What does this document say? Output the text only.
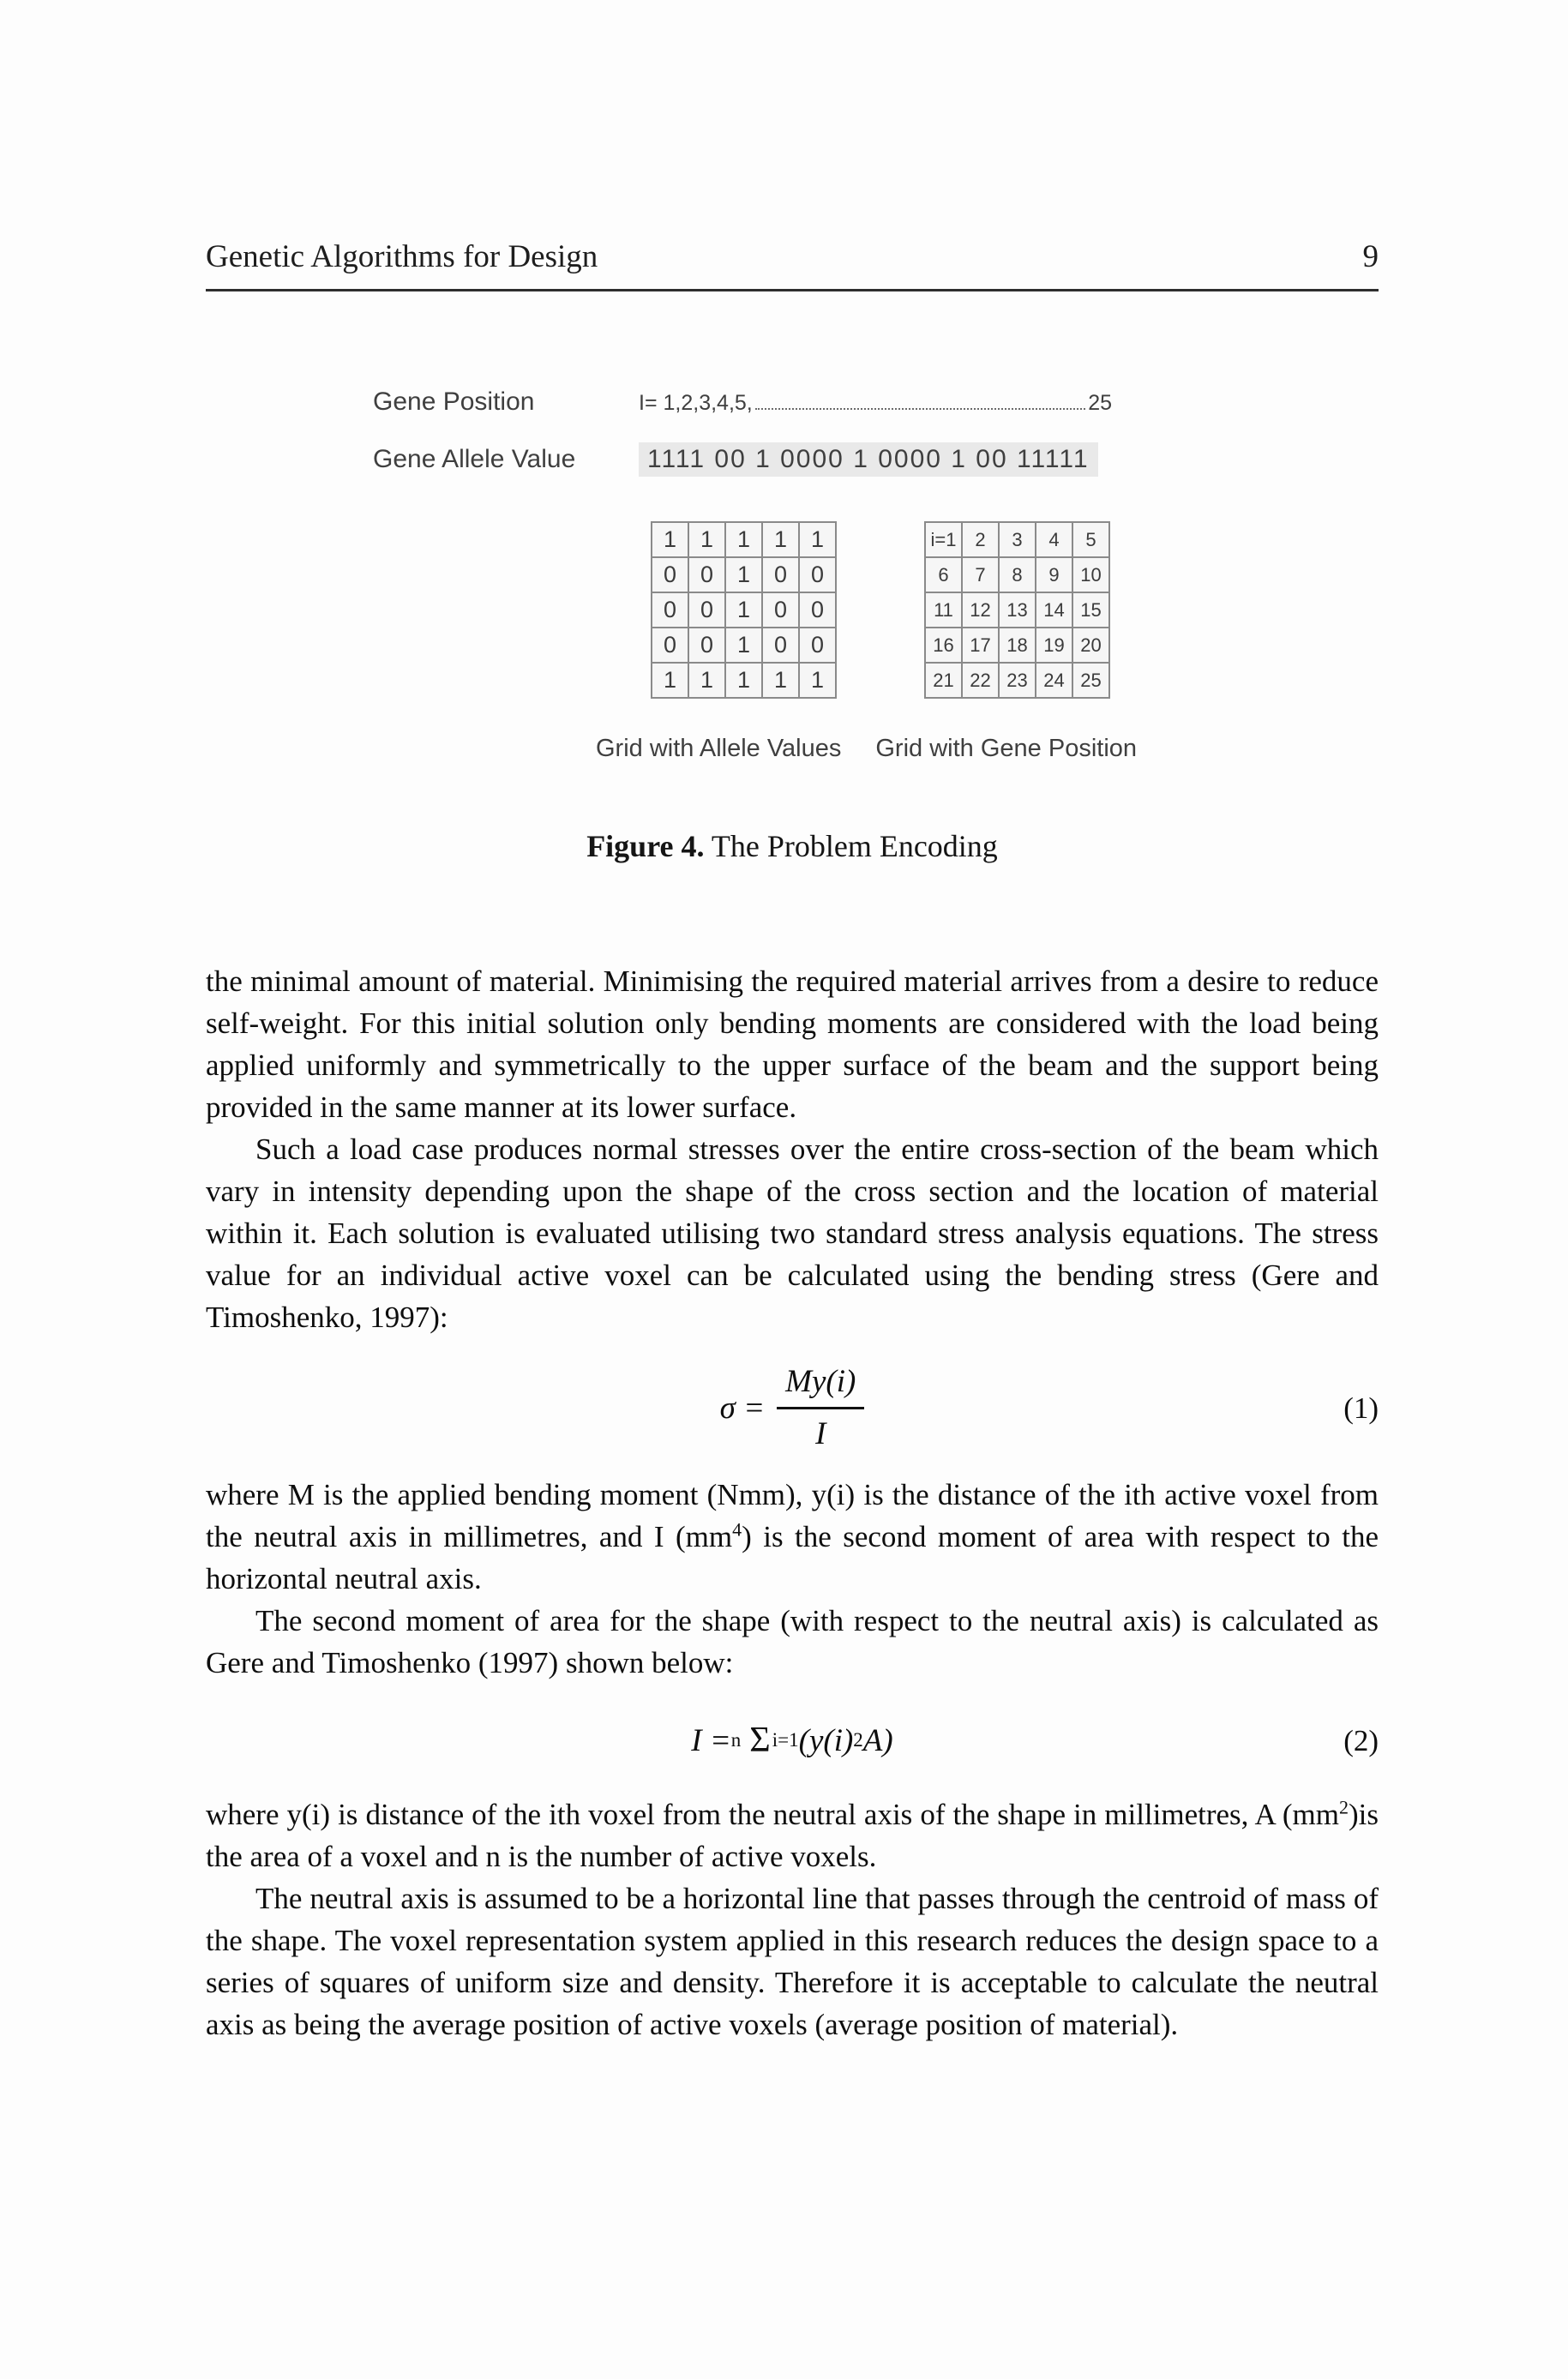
Genetic Algorithms for Design	9
Gene Position	I= 1,2,3,4,5,	25
Gene Allele Value	1111 00 1 0000 1 0000 1 00 11111
1	1	1	1	1
0	0	1	0	0
0	0	1	0	0
0	0	1	0	0
1	1	1	1	1
i=1	2	3	4	5
6	7	8	9	10
11	12	13	14	15
16	17	18	19	20
21	22	23	24	25
Grid with Allele Values Grid with Gene Position
Figure 4. The Problem Encoding

the minimal amount of material. Minimising the required material arrives from a desire to reduce self-weight. For this initial solution only bending moments are considered with the load being applied uniformly and symmetrically to the upper surface of the beam and the support being provided in the same manner at its lower surface.

Such a load case produces normal stresses over the entire cross-section of the beam which vary in intensity depending upon the shape of the cross section and the location of material within it. Each solution is evaluated utilising two standard stress analysis equations. The stress value for an individual active voxel can be calculated using the bending stress (Gere and Timoshenko, 1997):

$\sigma = \frac{My(i)}{I}$	(1)

where M is the applied bending moment (Nmm), y(i) is the distance of the ith active voxel from the neutral axis in millimetres, and I $(mm^4)$ is the second moment of area with respect to the horizontal neutral axis.

The second moment of area for the shape (with respect to the neutral axis) is calculated as Gere and Timoshenko (1997) shown below:

I = n Σ i=1 (y(i) 2 A)	(2)

where y(i) is distance of the ith voxel from the neutral axis of the shape in millimetres, A $(mm^2)is$ the area of a voxel and n is the number of active voxels.

The neutral axis is assumed to be a horizontal line that passes through the centroid of mass of the shape. The voxel representation system applied in this research reduces the design space to a series of squares of uniform size and density. Therefore it is acceptable to calculate the neutral axis as being the average position of active voxels (average position of material).
